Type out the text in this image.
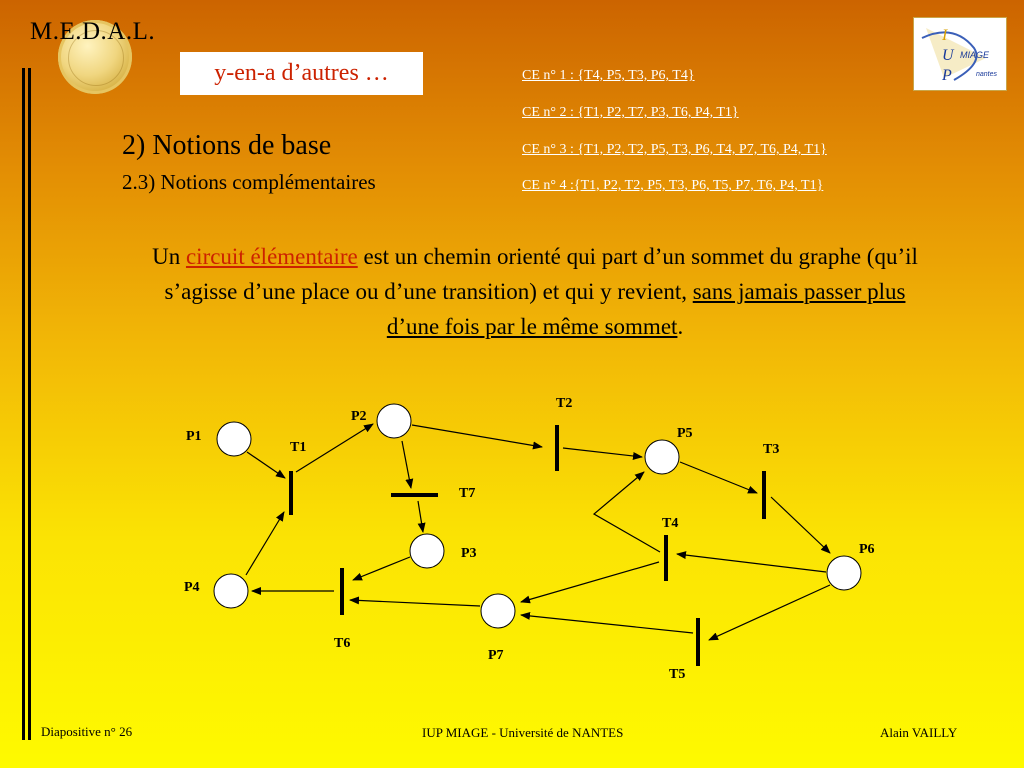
M.E.D.A.L.
y-en-a d’autres …	CE n° 1 : {T4, P5, T3, P6, T4}
CE n° 2 : {T1, P2, T7, P3, T6, P4, T1}
CE n° 3 : {T1, P2, T2, P5, T3, P6, T4, P7, T6, P4, T1}
CE n° 4 :{T1, P2, T2, P5, T3, P6, T5, P7, T6, P4, T1}
I
U
P
MIAGE
nantes
2) Notions de base
2.3) Notions complémentaires
Un circuit élémentaire est un chemin orienté qui part d’un sommet du graphe (qu’il s’agisse d’une place ou d’une transition) et qui y revient, sans jamais passer plus d’une fois par le même sommet.
P1
P2
P3
P4
P5
P6
P7
T1
T2
T3
T4
T5
T6
T7
Diapositive n° 26	IUP MIAGE - Université de NANTES	Alain VAILLY
